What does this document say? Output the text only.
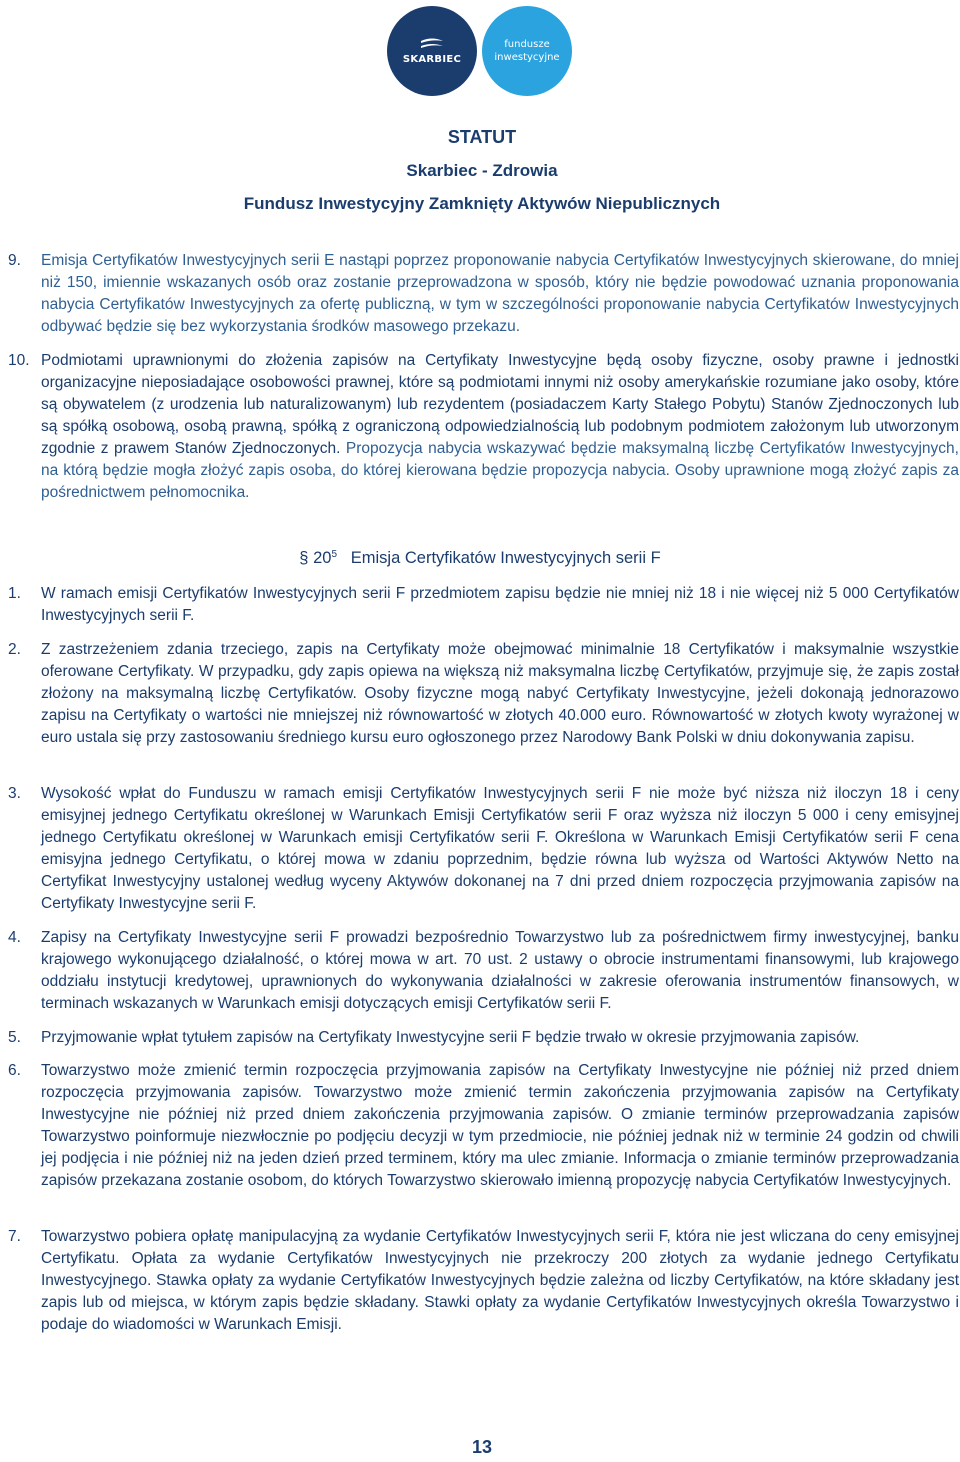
SKARBIEC
fundusze
inwestycyjne
STATUT
Skarbiec - Zdrowia
Fundusz Inwestycyjny Zamknięty Aktywów Niepublicznych
9. Emisja Certyfikatów Inwestycyjnych serii E nastąpi poprzez proponowanie nabycia Certyfikatów Inwestycyjnych skierowane, do mniej niż 150, imiennie wskazanych osób oraz zostanie przeprowadzona w sposób, który nie będzie powodować uznania proponowania nabycia Certyfikatów Inwestycyjnych za ofertę publiczną, w tym w szczególności proponowanie nabycia Certyfikatów Inwestycyjnych odbywać będzie się bez wykorzystania środków masowego przekazu.

10. Podmiotami uprawnionymi do złożenia zapisów na Certyfikaty Inwestycyjne będą osoby fizyczne, osoby prawne i jednostki organizacyjne nieposiadające osobowości prawnej, które są podmiotami innymi niż osoby amerykańskie rozumiane jako osoby, które są obywatelem (z urodzenia lub naturalizowanym) lub rezydentem (posiadaczem Karty Stałego Pobytu) Stanów Zjednoczonych lub są spółką osobową, osobą prawną, spółką z ograniczoną odpowiedzialnością lub podobnym podmiotem założonym lub utworzonym zgodnie z prawem Stanów Zjednoczonych. Propozycja nabycia wskazywać będzie maksymalną liczbę Certyfikatów Inwestycyjnych, na którą będzie mogła złożyć zapis osoba, do której kierowana będzie propozycja nabycia. Osoby uprawnione mogą złożyć zapis za pośrednictwem pełnomocnika.

§ $20^5$ Emisja Certyfikatów Inwestycyjnych serii F
1. W ramach emisji Certyfikatów Inwestycyjnych serii F przedmiotem zapisu będzie nie mniej niż 18 i nie więcej niż 5 000 Certyfikatów Inwestycyjnych serii F.

2. Z zastrzeżeniem zdania trzeciego, zapis na Certyfikaty może obejmować minimalnie 18 Certyfikatów i maksymalnie wszystkie oferowane Certyfikaty. W przypadku, gdy zapis opiewa na większą niż maksymalna liczbę Certyfikatów, przyjmuje się, że zapis został złożony na maksymalną liczbę Certyfikatów. Osoby fizyczne mogą nabyć Certyfikaty Inwestycyjne, jeżeli dokonają jednorazowo zapisu na Certyfikaty o wartości nie mniejszej niż równowartość w złotych 40.000 euro. Równowartość w złotych kwoty wyrażonej w euro ustala się przy zastosowaniu średniego kursu euro ogłoszonego przez Narodowy Bank Polski w dniu dokonywania zapisu.

3. Wysokość wpłat do Funduszu w ramach emisji Certyfikatów Inwestycyjnych serii F nie może być niższa niż iloczyn 18 i ceny emisyjnej jednego Certyfikatu określonej w Warunkach Emisji Certyfikatów serii F oraz wyższa niż iloczyn 5 000 i ceny emisyjnej jednego Certyfikatu określonej w Warunkach emisji Certyfikatów serii F. Określona w Warunkach Emisji Certyfikatów serii F cena emisyjna jednego Certyfikatu, o której mowa w zdaniu poprzednim, będzie równa lub wyższa od Wartości Aktywów Netto na Certyfikat Inwestycyjny ustalonej według wyceny Aktywów dokonanej na 7 dni przed dniem rozpoczęcia przyjmowania zapisów na Certyfikaty Inwestycyjne serii F.

4. Zapisy na Certyfikaty Inwestycyjne serii F prowadzi bezpośrednio Towarzystwo lub za pośrednictwem firmy inwestycyjnej, banku krajowego wykonującego działalność, o której mowa w art. 70 ust. 2 ustawy o obrocie instrumentami finansowymi, lub krajowego oddziału instytucji kredytowej, uprawnionych do wykonywania działalności w zakresie oferowania instrumentów finansowych, w terminach wskazanych w Warunkach emisji dotyczących emisji Certyfikatów serii F.

5. Przyjmowanie wpłat tytułem zapisów na Certyfikaty Inwestycyjne serii F będzie trwało w okresie przyjmowania zapisów.

6. Towarzystwo może zmienić termin rozpoczęcia przyjmowania zapisów na Certyfikaty Inwestycyjne nie później niż przed dniem rozpoczęcia przyjmowania zapisów. Towarzystwo może zmienić termin zakończenia przyjmowania zapisów na Certyfikaty Inwestycyjne nie później niż przed dniem zakończenia przyjmowania zapisów. O zmianie terminów przeprowadzania zapisów Towarzystwo poinformuje niezwłocznie po podjęciu decyzji w tym przedmiocie, nie później jednak niż w terminie 24 godzin od chwili jej podjęcia i nie później niż na jeden dzień przed terminem, który ma ulec zmianie. Informacja o zmianie terminów przeprowadzania zapisów przekazana zostanie osobom, do których Towarzystwo skierowało imienną propozycję nabycia Certyfikatów Inwestycyjnych.

7. Towarzystwo pobiera opłatę manipulacyjną za wydanie Certyfikatów Inwestycyjnych serii F, która nie jest wliczana do ceny emisyjnej Certyfikatu. Opłata za wydanie Certyfikatów Inwestycyjnych nie przekroczy 200 złotych za wydanie jednego Certyfikatu Inwestycyjnego. Stawka opłaty za wydanie Certyfikatów Inwestycyjnych będzie zależna od liczby Certyfikatów, na które składany jest zapis lub od miejsca, w którym zapis będzie składany. Stawki opłaty za wydanie Certyfikatów Inwestycyjnych określa Towarzystwo i podaje do wiadomości w Warunkach Emisji.

13
